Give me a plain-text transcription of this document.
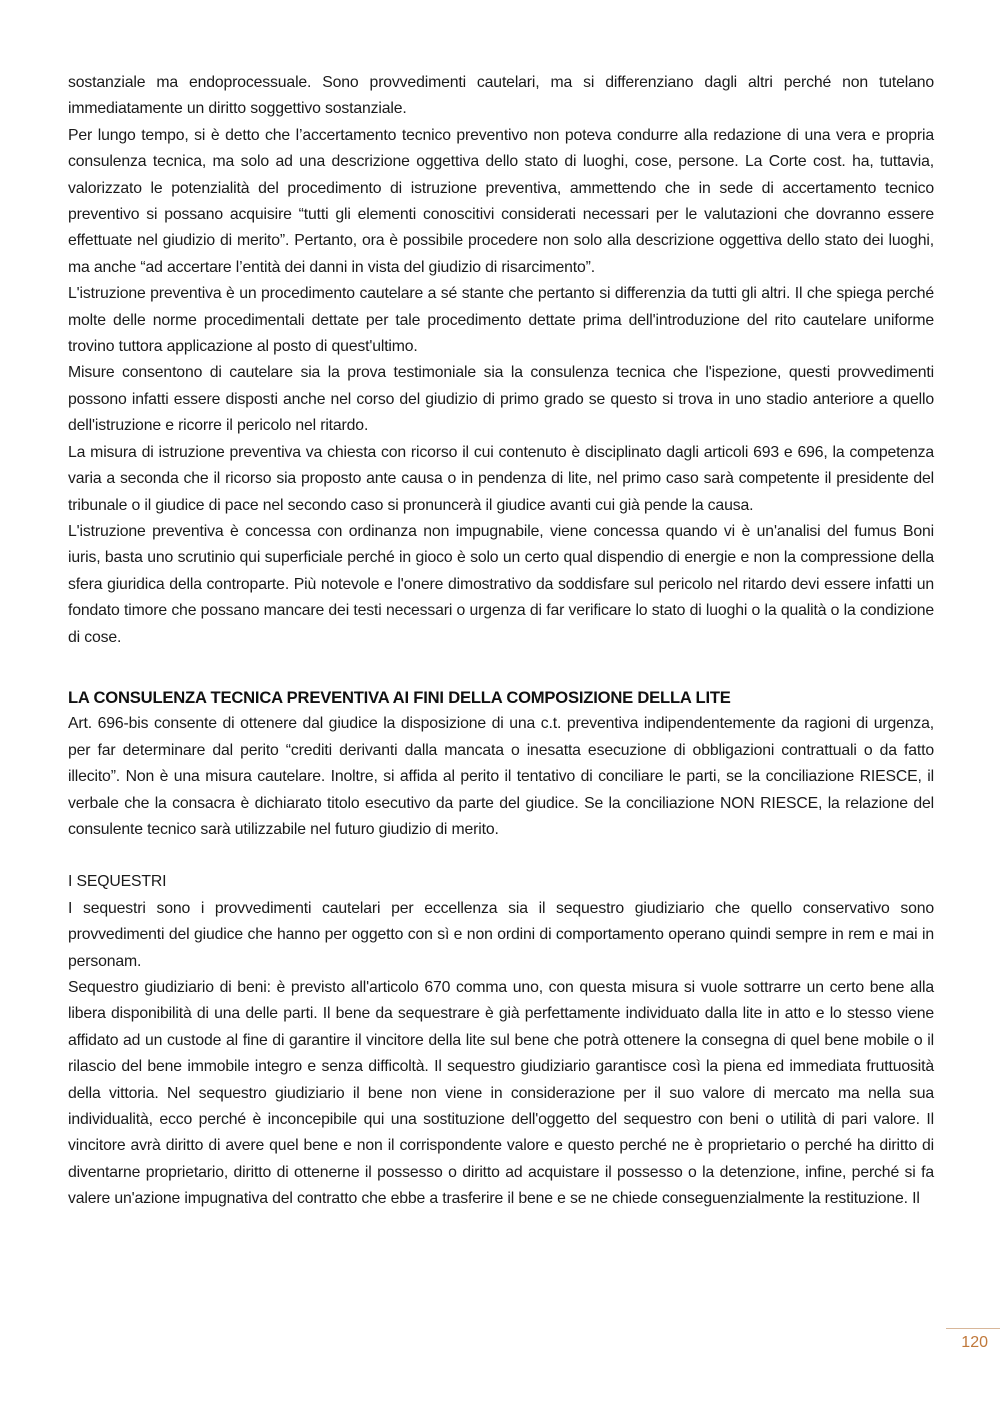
sostanziale ma endoprocessuale. Sono provvedimenti cautelari, ma si differenziano dagli altri perché non tutelano immediatamente un diritto soggettivo sostanziale.

Per lungo tempo, si è detto che l’accertamento tecnico preventivo non poteva condurre alla redazione di una vera e propria consulenza tecnica, ma solo ad una descrizione oggettiva dello stato di luoghi, cose, persone. La Corte cost. ha, tuttavia, valorizzato le potenzialità del procedimento di istruzione preventiva, ammettendo che in sede di accertamento tecnico preventivo si possano acquisire “tutti gli elementi conoscitivi considerati necessari per le valutazioni che dovranno essere effettuate nel giudizio di merito”. Pertanto, ora è possibile procedere non solo alla descrizione oggettiva dello stato dei luoghi, ma anche “ad accertare l’entità dei danni in vista del giudizio di risarcimento”.

L'istruzione preventiva è un procedimento cautelare a sé stante che pertanto si differenzia da tutti gli altri. Il che spiega perché molte delle norme procedimentali dettate per tale procedimento dettate prima dell'introduzione del rito cautelare uniforme trovino tuttora applicazione al posto di quest'ultimo.

Misure consentono di cautelare sia la prova testimoniale sia la consulenza tecnica che l'ispezione, questi provvedimenti possono infatti essere disposti anche nel corso del giudizio di primo grado se questo si trova in uno stadio anteriore a quello dell'istruzione e ricorre il pericolo nel ritardo.

La misura di istruzione preventiva va chiesta con ricorso il cui contenuto è disciplinato dagli articoli 693 e 696, la competenza varia a seconda che il ricorso sia proposto ante causa o in pendenza di lite, nel primo caso sarà competente il presidente del tribunale o il giudice di pace nel secondo caso si pronuncerà il giudice avanti cui già pende la causa.

L'istruzione preventiva è concessa con ordinanza non impugnabile, viene concessa quando vi è un'analisi del fumus Boni iuris, basta uno scrutinio qui superficiale perché in gioco è solo un certo qual dispendio di energie e non la compressione della sfera giuridica della controparte. Più notevole e l'onere dimostrativo da soddisfare sul pericolo nel ritardo devi essere infatti un fondato timore che possano mancare dei testi necessari o urgenza di far verificare lo stato di luoghi o la qualità o la condizione di cose.

LA CONSULENZA TECNICA PREVENTIVA AI FINI DELLA COMPOSIZIONE DELLA LITE

Art. 696-bis consente di ottenere dal giudice la disposizione di una c.t. preventiva indipendentemente da ragioni di urgenza, per far determinare dal perito “crediti derivanti dalla mancata o inesatta esecuzione di obbligazioni contrattuali o da fatto illecito”. Non è una misura cautelare. Inoltre, si affida al perito il tentativo di conciliare le parti, se la conciliazione RIESCE, il verbale che la consacra è dichiarato titolo esecutivo da parte del giudice. Se la conciliazione NON RIESCE, la relazione del consulente tecnico sarà utilizzabile nel futuro giudizio di merito.

I SEQUESTRI

I sequestri sono i provvedimenti cautelari per eccellenza sia il sequestro giudiziario che quello conservativo sono provvedimenti del giudice che hanno per oggetto con sì e non ordini di comportamento operano quindi sempre in rem e mai in personam.

Sequestro giudiziario di beni: è previsto all'articolo 670 comma uno, con questa misura si vuole sottrarre un certo bene alla libera disponibilità di una delle parti. Il bene da sequestrare è già perfettamente individuato dalla lite in atto e lo stesso viene affidato ad un custode al fine di garantire il vincitore della lite sul bene che potrà ottenere la consegna di quel bene mobile o il rilascio del bene immobile integro e senza difficoltà. Il sequestro giudiziario garantisce così la piena ed immediata fruttuosità della vittoria. Nel sequestro giudiziario il bene non viene in considerazione per il suo valore di mercato ma nella sua individualità, ecco perché è inconcepibile qui una sostituzione dell'oggetto del sequestro con beni o utilità di pari valore. Il vincitore avrà diritto di avere quel bene e non il corrispondente valore e questo perché ne è proprietario o perché ha diritto di diventarne proprietario, diritto di ottenerne il possesso o diritto ad acquistare il possesso o la detenzione, infine, perché si fa valere un'azione impugnativa del contratto che ebbe a trasferire il bene e se ne chiede conseguenzialmente la restituzione. Il

120
